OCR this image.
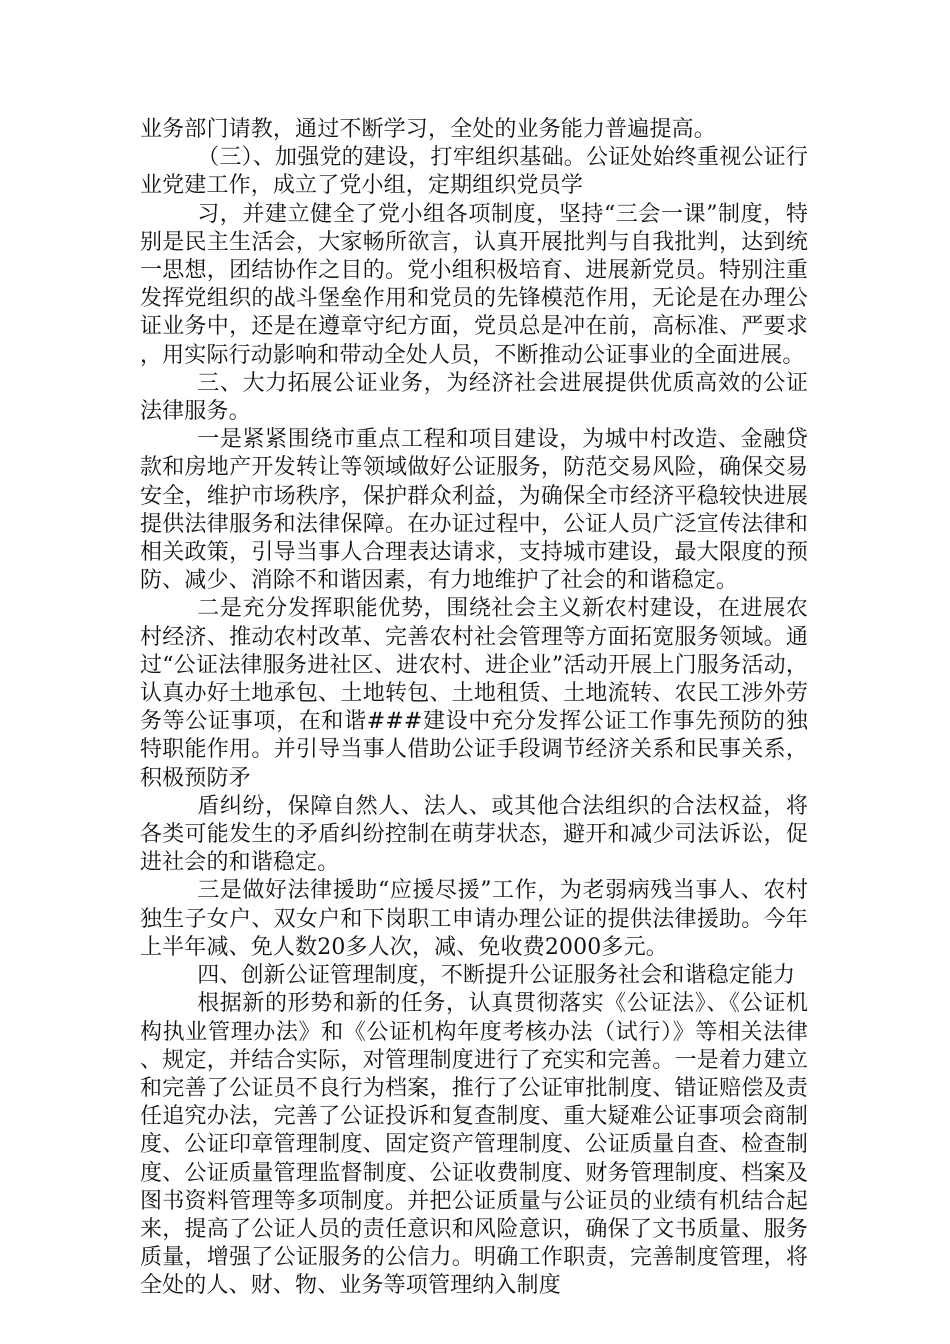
业务部门请教，通过不断学习，全处的业务能力普遍提高。

（三）、加强党的建设，打牢组织基础。公证处始终重视公证行业党建工作，成立了党小组，定期组织党员学

习，并建立健全了党小组各项制度，坚持“三会一课”制度，特别是民主生活会，大家畅所欲言，认真开展批判与自我批判，达到统一思想，团结协作之目的。党小组积极培育、进展新党员。特别注重发挥党组织的战斗堡垒作用和党员的先锋模范作用，无论是在办理公证业务中，还是在遵章守纪方面，党员总是冲在前，高标准、严要求，用实际行动影响和带动全处人员，不断推动公证事业的全面进展。

三、大力拓展公证业务，为经济社会进展提供优质高效的公证法律服务。

一是紧紧围绕市重点工程和项目建设，为城中村改造、金融贷款和房地产开发转让等领域做好公证服务，防范交易风险，确保交易安全，维护市场秩序，保护群众利益，为确保全市经济平稳较快进展提供法律服务和法律保障。在办证过程中，公证人员广泛宣传法律和相关政策，引导当事人合理表达请求，支持城市建设，最大限度的预防、减少、消除不和谐因素，有力地维护了社会的和谐稳定。

二是充分发挥职能优势，围绕社会主义新农村建设，在进展农村经济、推动农村改革、完善农村社会管理等方面拓宽服务领域。通过“公证法律服务进社区、进农村、进企业”活动开展上门服务活动，认真办好土地承包、土地转包、土地租赁、土地流转、农民工涉外劳务等公证事项，在和谐###建设中充分发挥公证工作事先预防的独特职能作用。并引导当事人借助公证手段调节经济关系和民事关系，积极预防矛

盾纠纷，保障自然人、法人、或其他合法组织的合法权益，将各类可能发生的矛盾纠纷控制在萌芽状态，避开和减少司法诉讼，促进社会的和谐稳定。

三是做好法律援助“应援尽援”工作，为老弱病残当事人、农村独生子女户、双女户和下岗职工申请办理公证的提供法律援助。今年上半年减、免人数20多人次，减、免收费2000多元。

四、创新公证管理制度，不断提升公证服务社会和谐稳定能力

根据新的形势和新的任务，认真贯彻落实《公证法》、《公证机构执业管理办法》和《公证机构年度考核办法（试行）》等相关法律、规定，并结合实际，对管理制度进行了充实和完善。一是着力建立和完善了公证员不良行为档案，推行了公证审批制度、错证赔偿及责任追究办法，完善了公证投诉和复查制度、重大疑难公证事项会商制度、公证印章管理制度、固定资产管理制度、公证质量自查、检查制度、公证质量管理监督制度、公证收费制度、财务管理制度、档案及图书资料管理等多项制度。并把公证质量与公证员的业绩有机结合起来，提高了公证人员的责任意识和风险意识，确保了文书质量、服务质量，增强了公证服务的公信力。明确工作职责，完善制度管理，将全处的人、财、物、业务等项管理纳入制度
